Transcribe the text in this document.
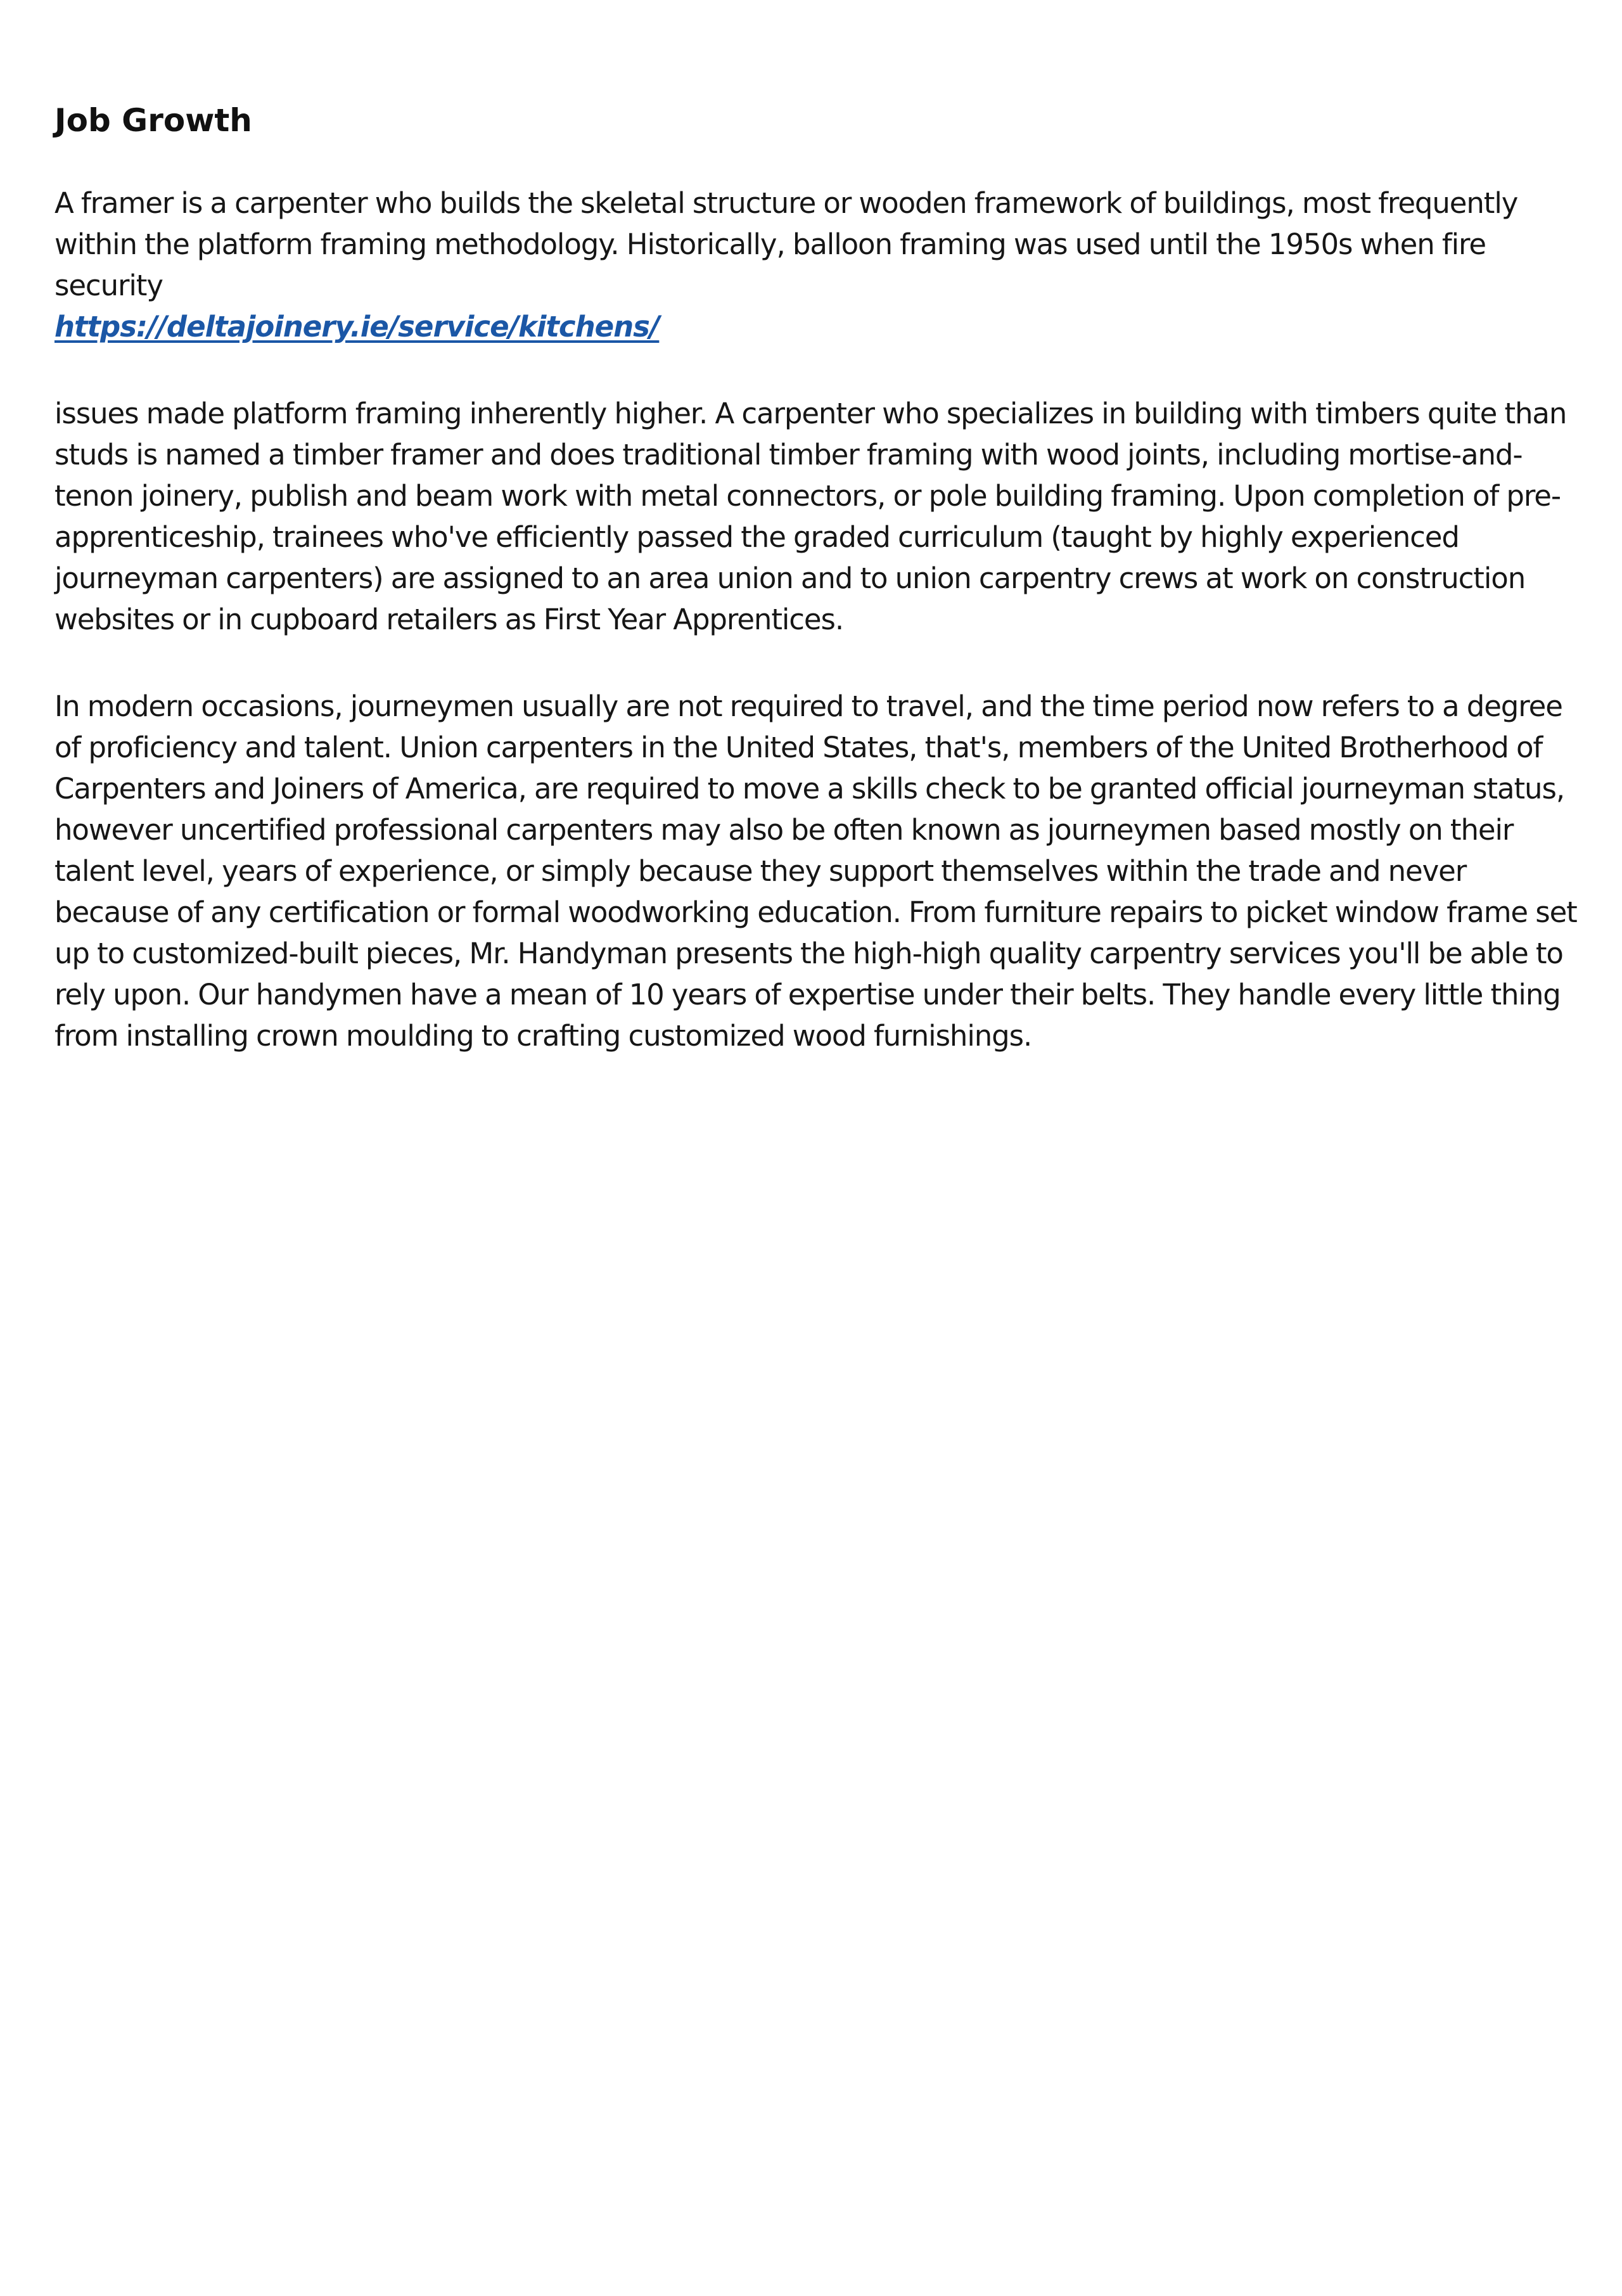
Job Growth
A framer is a carpenter who builds the skeletal structure or wooden framework of buildings, most frequently within the platform framing methodology. Historically, balloon framing was used until the 1950s when fire security
https://deltajoinery.ie/service/kitchens/

issues made platform framing inherently higher. A carpenter who specializes in building with timbers quite than studs is named a timber framer and does traditional timber framing with wood joints, including mortise-and-tenon joinery, publish and beam work with metal connectors, or pole building framing. Upon completion of pre-apprenticeship, trainees who've efficiently passed the graded curriculum (taught by highly experienced journeyman carpenters) are assigned to an area union and to union carpentry crews at work on construction websites or in cupboard retailers as First Year Apprentices.

In modern occasions, journeymen usually are not required to travel, and the time period now refers to a degree of proficiency and talent. Union carpenters in the United States, that's, members of the United Brotherhood of Carpenters and Joiners of America, are required to move a skills check to be granted official journeyman status, however uncertified professional carpenters may also be often known as journeymen based mostly on their talent level, years of experience, or simply because they support themselves within the trade and never because of any certification or formal woodworking education. From furniture repairs to picket window frame set up to customized-built pieces, Mr. Handyman presents the high-high quality carpentry services you'll be able to rely upon. Our handymen have a mean of 10 years of expertise under their belts. They handle every little thing from installing crown moulding to crafting customized wood furnishings.
